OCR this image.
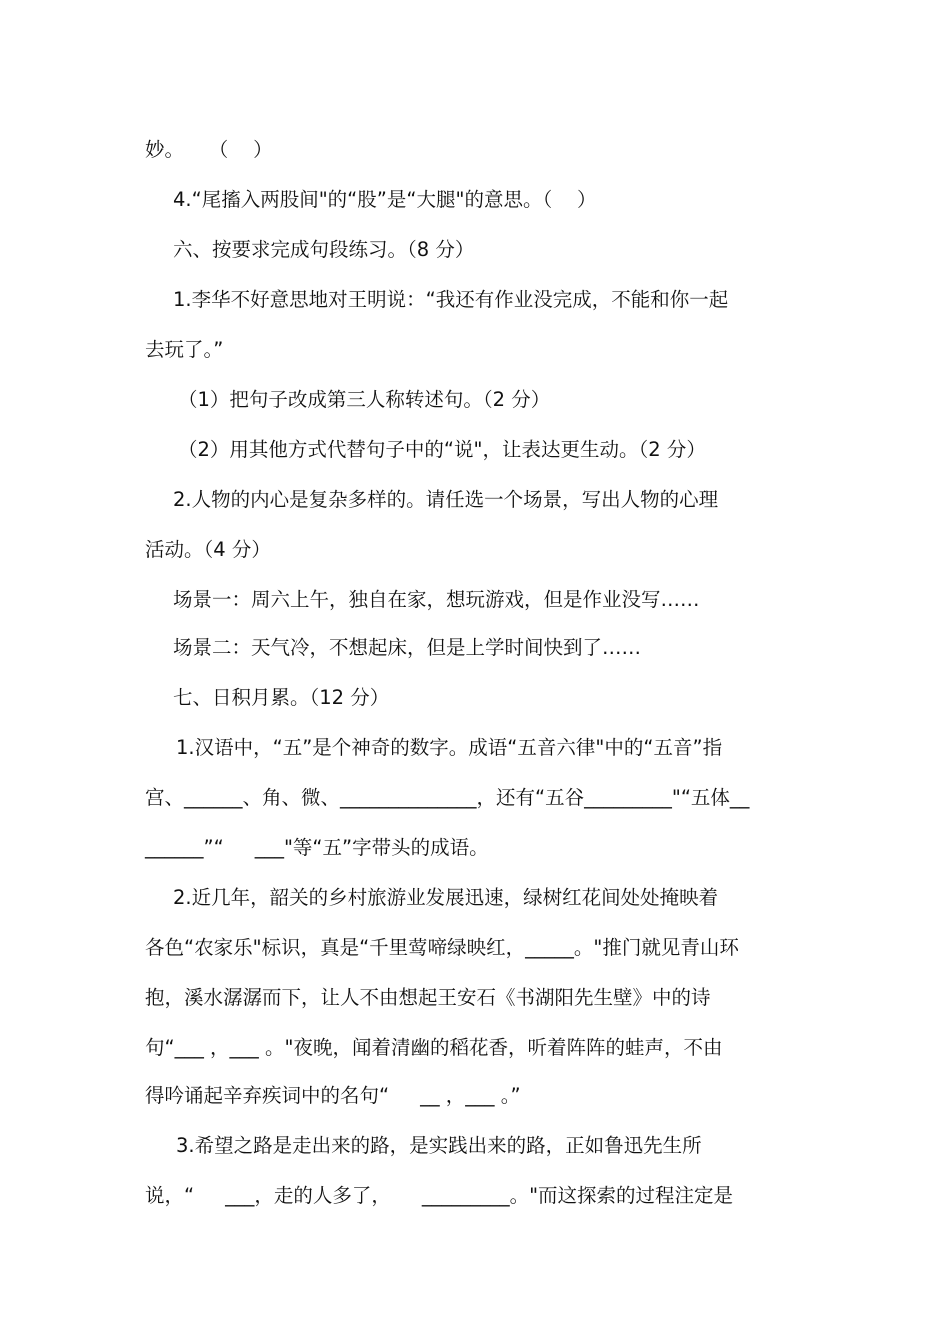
妙。    （    ）
4.“尾搐入两股间"的“股”是“大腿"的意思。（    ）
六、按要求完成句段练习。（8 分）
1.李华不好意思地对王明说：“我还有作业没完成，不能和你一起
去玩了。”
（1）把句子改成第三人称转述句。（2 分）
（2）用其他方式代替句子中的“说"，让表达更生动。（2 分）
2.人物的内心是复杂多样的。请任选一个场景，写出人物的心理
活动。（4 分）
场景一：周六上午，独自在家，想玩游戏，但是作业没写……
场景二：天气冷，不想起床，但是上学时间快到了……
七、日积月累。（12 分）
1.汉语中，“五”是个神奇的数字。成语“五音六律"中的“五音”指
宫、______、角、微、______________，还有“五谷_________"“五体__
______”“     ___"等“五”字带头的成语。
2.近几年，韶关的乡村旅游业发展迅速，绿树红花间处处掩映着
各色“农家乐"标识，真是“千里莺啼绿映红，_____。"推门就见青山环
抱，溪水潺潺而下，让人不由想起王安石《书湖阳先生壁》中的诗
句“___ ，___ 。"夜晚，闻着清幽的稻花香，听着阵阵的蛙声，不由
得吟诵起辛弃疾词中的名句“     __ ，___ 。”
3.希望之路是走出来的路，是实践出来的路，正如鲁迅先生所
说，“     ___，走的人多了，     _________。"而这探索的过程注定是
